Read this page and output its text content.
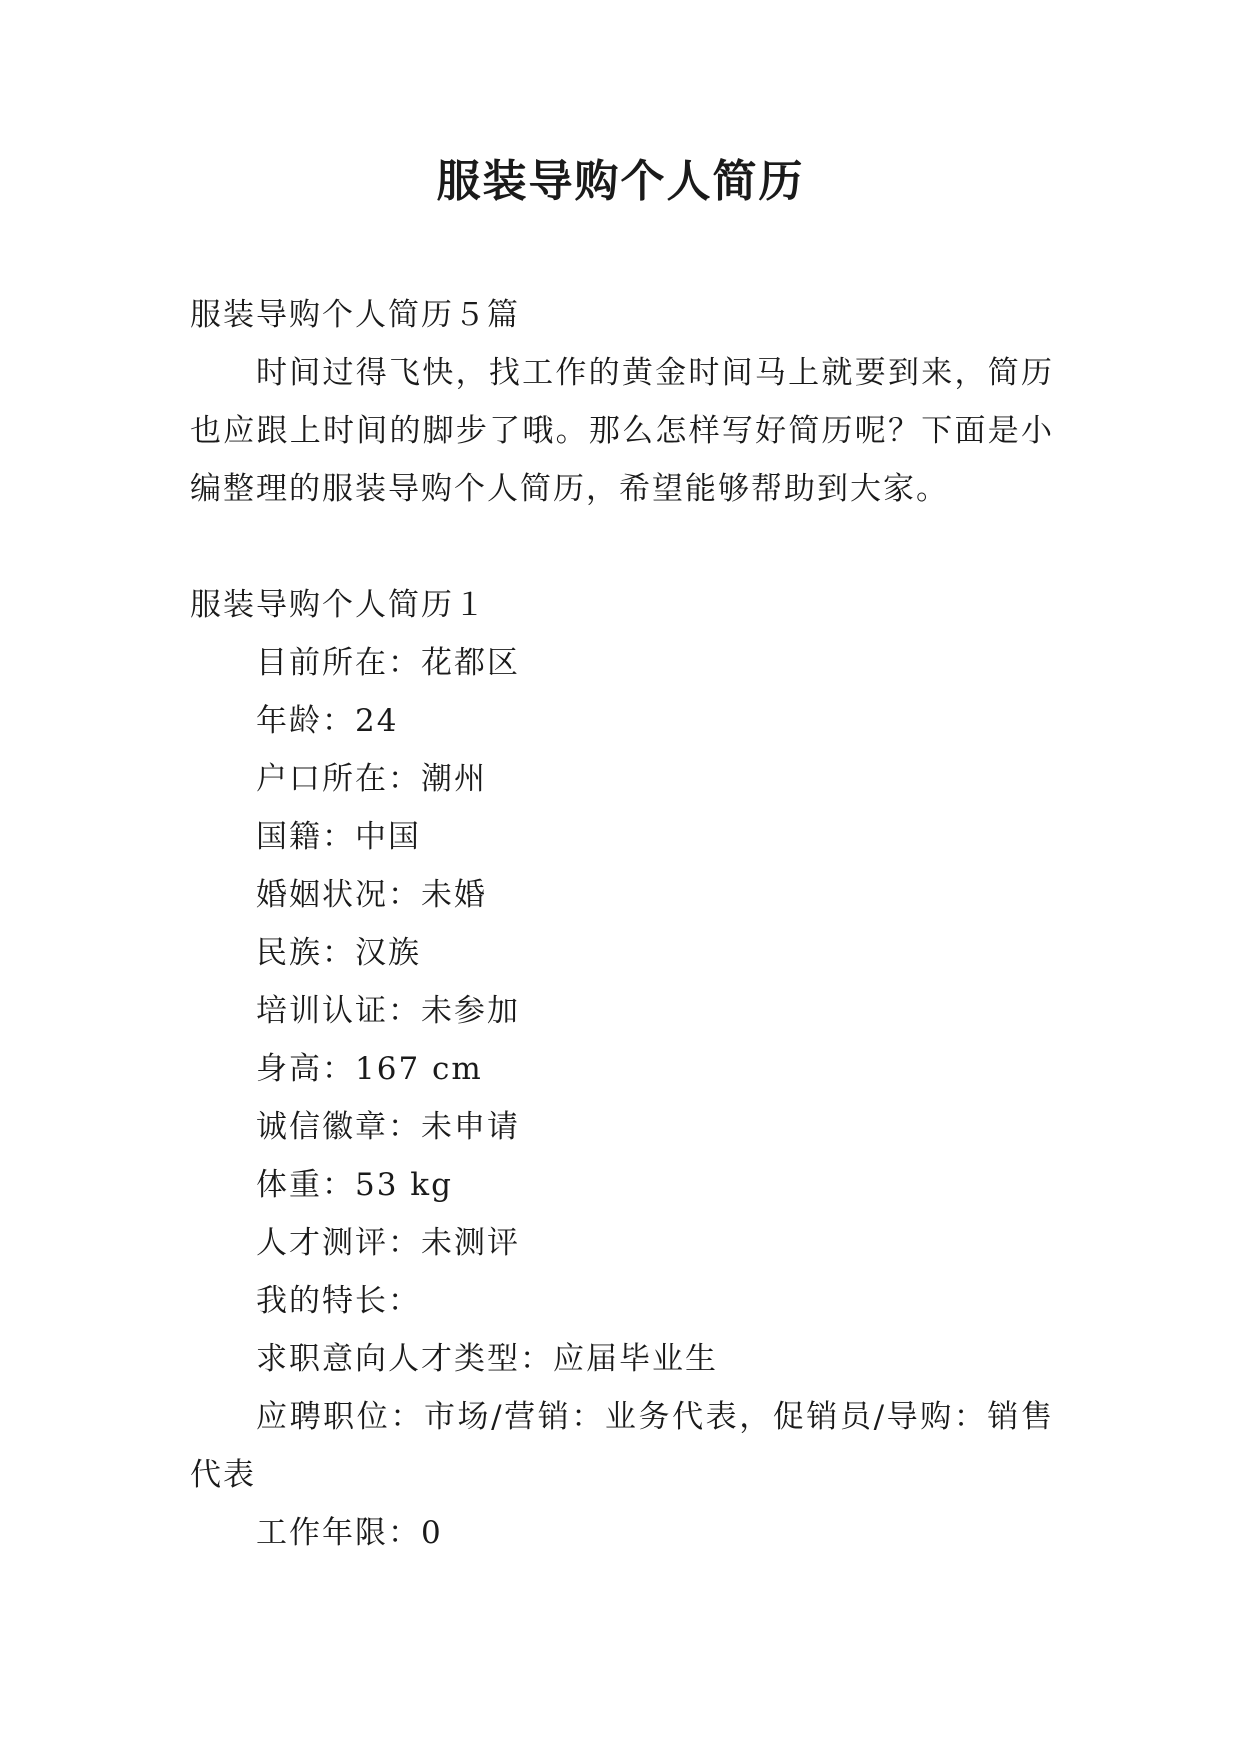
服装导购个人简历
服装导购个人简历５篇
时间过得飞快，找工作的黄金时间马上就要到来，简历也应跟上时间的脚步了哦。那么怎样写好简历呢？下面是小编整理的服装导购个人简历，希望能够帮助到大家。
服装导购个人简历１
目前所在：花都区
年龄：24
户口所在：潮州
国籍：中国
婚姻状况：未婚
民族：汉族
培训认证：未参加
身高：167 cm
诚信徽章：未申请
体重：53 kg
人才测评：未测评
我的特长：
求职意向人才类型：应届毕业生
应聘职位：市场/营销：业务代表，促销员/导购：销售代表
工作年限：0
